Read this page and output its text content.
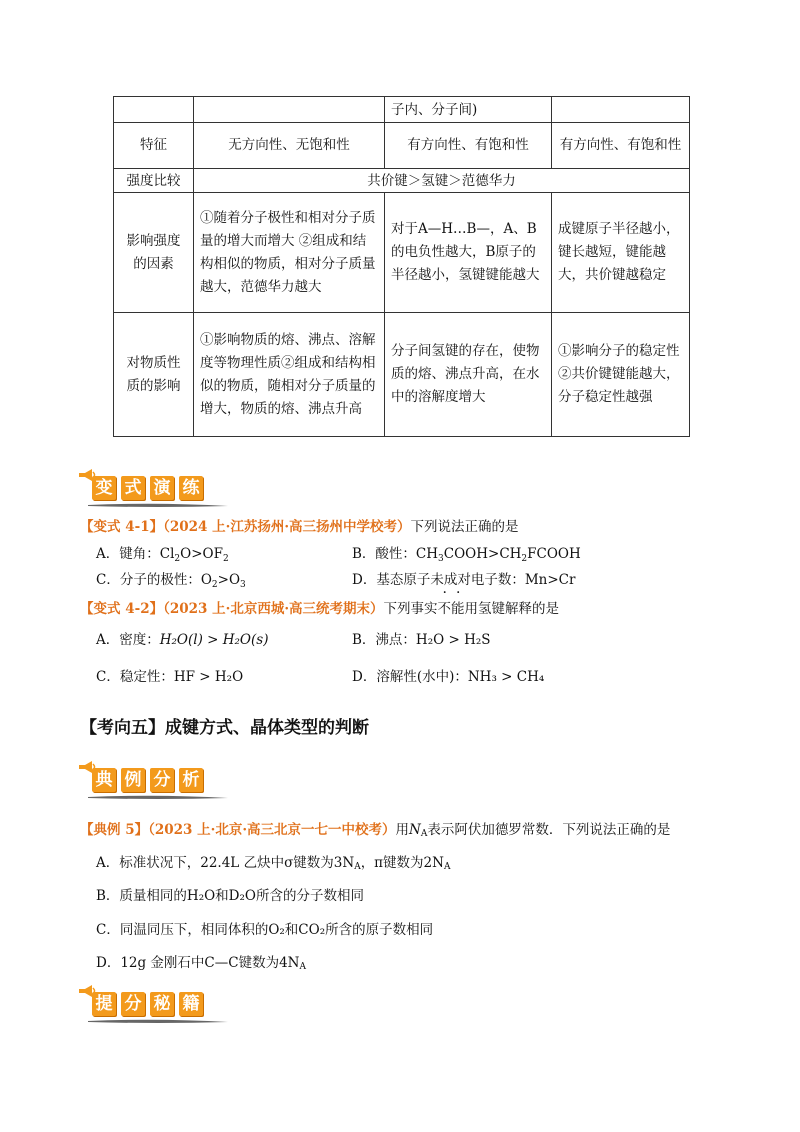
		子内、分子间)	
特征	无方向性、无饱和性	有方向性、有饱和性	有方向性、有饱和性
强度比较	共价键＞氢键＞范德华力		
影响强度的因素	①随着分子极性和相对分子质量的增大而增大 ②组成和结构相似的物质，相对分子质量越大，范德华力越大	对于A—H…B—，A、B的电负性越大，B原子的半径越小，氢键键能越大	成键原子半径越小，键长越短，键能越大，共价键越稳定
对物质性质的影响	①影响物质的熔、沸点、溶解度等物理性质②组成和结构相似的物质，随相对分子质量的增大，物质的熔、沸点升高	分子间氢键的存在，使物质的熔、沸点升高，在水中的溶解度增大	①影响分子的稳定性 ②共价键键能越大，分子稳定性越强
变 式 演 练
【变式 4-1】（2024 上·江苏扬州·高三扬州中学校考）下列说法正确的是
A．键角：$Cl_2O>OF_2$	B．酸性：$CH_3COOH>CH_2FCOOH$
C．分子的极性：$O_2>O_3$	D．基态原子未成对电子数：Mn>Cr
【变式 4-2】（2023 上·北京西城·高三统考期末）下列事实不能用氢键解释的是
A．密度：H₂O(l) > H₂O(s)	B．沸点：H₂O > H₂S
C．稳定性：HF > H₂O	D．溶解性(水中)：NH₃ > CH₄
【考向五】成键方式、晶体类型的判断
典 例 分 析
【典例 5】（2023 上·北京·高三北京一七一中校考）用NA表示阿伏加德罗常数．下列说法正确的是
A．标准状况下，22.4L 乙炔中σ键数为3NA，π键数为2NA
B．质量相同的H₂O和D₂O所含的分子数相同
C．同温同压下，相同体积的O₂和CO₂所含的原子数相同
D．12g 金刚石中C—C键数为4NA
提 分 秘 籍
